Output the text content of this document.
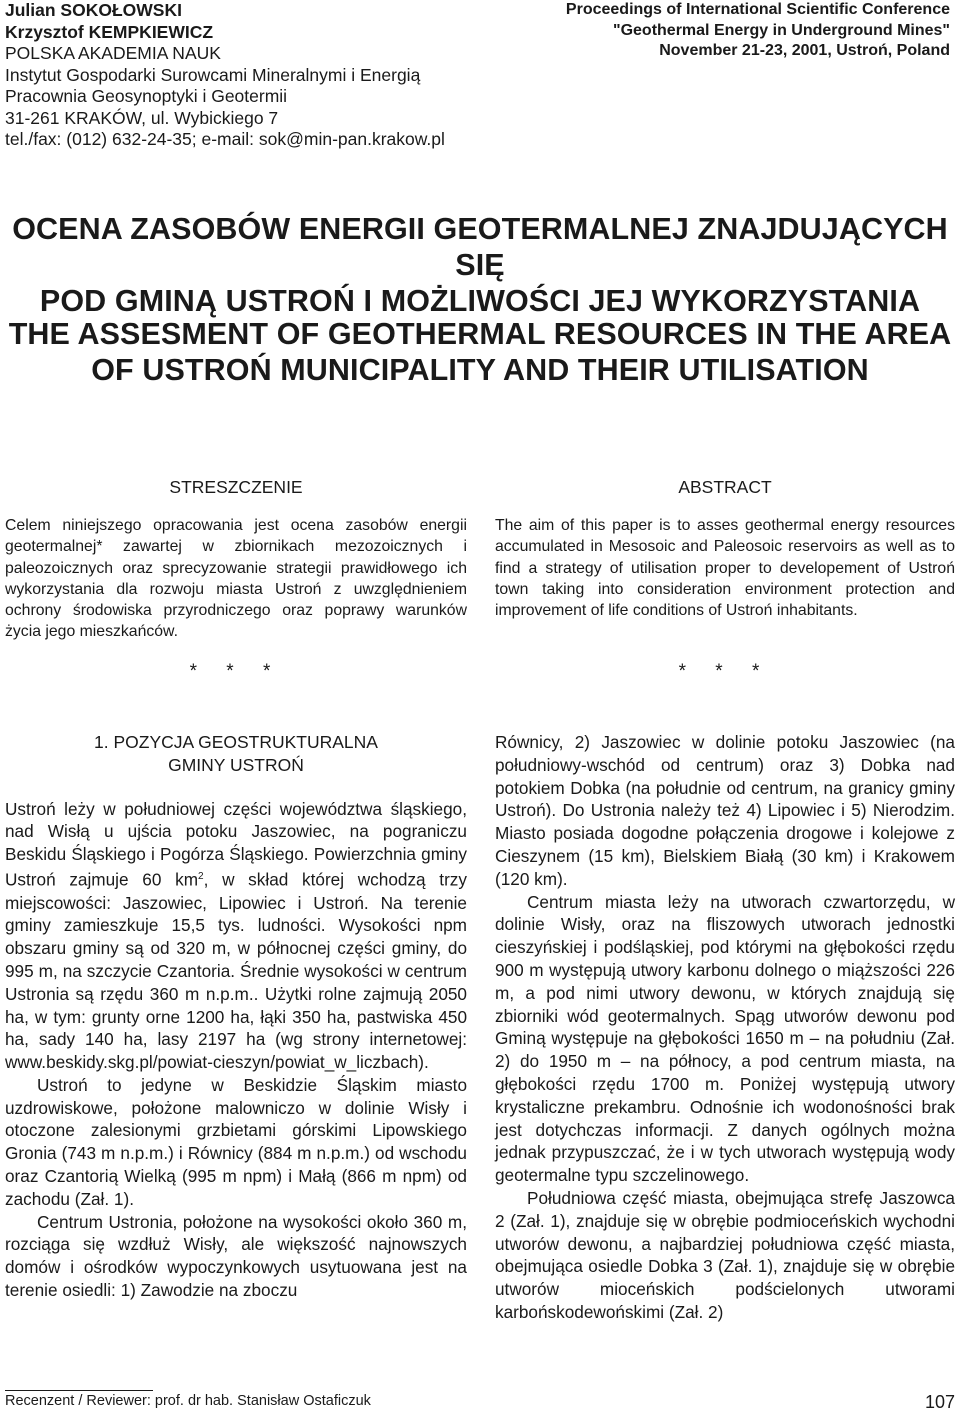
Julian SOKOŁOWSKI
Krzysztof KEMPKIEWICZ
POLSKA AKADEMIA NAUK
Instytut Gospodarki Surowcami Mineralnymi i Energią
Pracownia Geosynoptyki i Geotermii
31-261 KRAKÓW, ul. Wybickiego 7
tel./fax: (012) 632-24-35; e-mail: sok@min-pan.krakow.pl
Proceedings of International Scientific Conference
"Geothermal Energy in Underground Mines"
November 21-23, 2001, Ustroń, Poland
OCENA ZASOBÓW ENERGII GEOTERMALNEJ ZNAJDUJĄCYCH SIĘ
POD GMINĄ USTROŃ I MOŻLIWOŚCI JEJ WYKORZYSTANIA
THE ASSESMENT OF GEOTHERMAL RESOURCES IN THE AREA
OF USTROŃ MUNICIPALITY AND THEIR UTILISATION
STRESZCZENIE
Celem niniejszego opracowania jest ocena zasobów energii geotermalnej* zawartej w zbiornikach mezozoicznych i paleozoicznych oraz sprecyzowanie strategii prawidłowego ich wykorzystania dla rozwoju miasta Ustroń z uwzględnieniem ochrony środowiska przyrodniczego oraz poprawy warunków życia jego mieszkańców.
ABSTRACT
The aim of this paper is to asses geothermal energy resources accumulated in Mesosoic and Paleosoic reservoirs as well as to find a strategy of utilisation proper to developement of Ustroń town taking into consideration environment protection and improvement of life conditions of Ustroń inhabitants.
* * *	* * *
1. POZYCJA GEOSTRUKTURALNA
GMINY USTROŃ

Ustroń leży w południowej części województwa śląskiego, nad Wisłą u ujścia potoku Jaszowiec, na pograniczu Beskidu Śląskiego i Pogórza Śląskiego. Powierzchnia gminy Ustroń zajmuje 60 $km^2$, w skład której wchodzą trzy miejscowości: Jaszowiec, Lipowiec i Ustroń. Na terenie gminy zamieszkuje 15,5 tys. ludności. Wysokości npm obszaru gminy są od 320 m, w północnej części gminy, do 995 m, na szczycie Czantoria. Średnie wysokości w centrum Ustronia są rzędu 360 m n.p.m.. Użytki rolne zajmują 2050 ha, w tym: grunty orne 1200 ha, łąki 350 ha, pastwiska 450 ha, sady 140 ha, lasy 2197 ha (wg strony internetowej: www.beskidy.skg.pl/powiat-cieszyn/powiat_w_liczbach).

Ustroń to jedyne w Beskidzie Śląskim miasto uzdrowiskowe, położone malowniczo w dolinie Wisły i otoczone zalesionymi grzbietami górskimi Lipowskiego Gronia (743 m n.p.m.) i Równicy (884 m n.p.m.) od wschodu oraz Czantorią Wielką (995 m npm) i Małą (866 m npm) od zachodu (Zał. 1).

Centrum Ustronia, położone na wysokości około 360 m, rozciąga się wzdłuż Wisły, ale większość najnowszych domów i ośrodków wypoczynkowych usytuowana jest na terenie osiedli: 1) Zawodzie na zboczu

Równicy, 2) Jaszowiec w dolinie potoku Jaszowiec (na południowy-wschód od centrum) oraz 3) Dobka nad potokiem Dobka (na południe od centrum, na granicy gminy Ustroń). Do Ustronia należy też 4) Lipowiec i 5) Nierodzim. Miasto posiada dogodne połączenia drogowe i kolejowe z Cieszynem (15 km), Bielskiem Białą (30 km) i Krakowem (120 km).

Centrum miasta leży na utworach czwartorzędu, w dolinie Wisły, oraz na fliszowych utworach jednostki cieszyńskiej i podśląskiej, pod którymi na głębokości rzędu 900 m występują utwory karbonu dolnego o miąższości 226 m, a pod nimi utwory dewonu, w których znajdują się zbiorniki wód geotermalnych. Spąg utworów dewonu pod Gminą występuje na głębokości 1650 m – na południu (Zał. 2) do 1950 m – na północy, a pod centrum miasta, na głębokości rzędu 1700 m. Poniżej występują utwory krystaliczne prekambru. Odnośnie ich wodonośności brak jest dotychczas informacji. Z danych ogólnych można jednak przypuszczać, że i w tych utworach występują wody geotermalne typu szczelinowego.

Południowa część miasta, obejmująca strefę Jaszowca 2 (Zał. 1), znajduje się w obrębie podmioceńskich wychodni utworów dewonu, a najbardziej południowa część miasta, obejmująca osiedle Dobka 3 (Zał. 1), znajduje się w obrębie utworów mioceńskich podścielonych utworami karbońskodewońskimi (Zał. 2)

Recenzent / Reviewer: prof. dr hab. Stanisław Ostaficzuk	107
